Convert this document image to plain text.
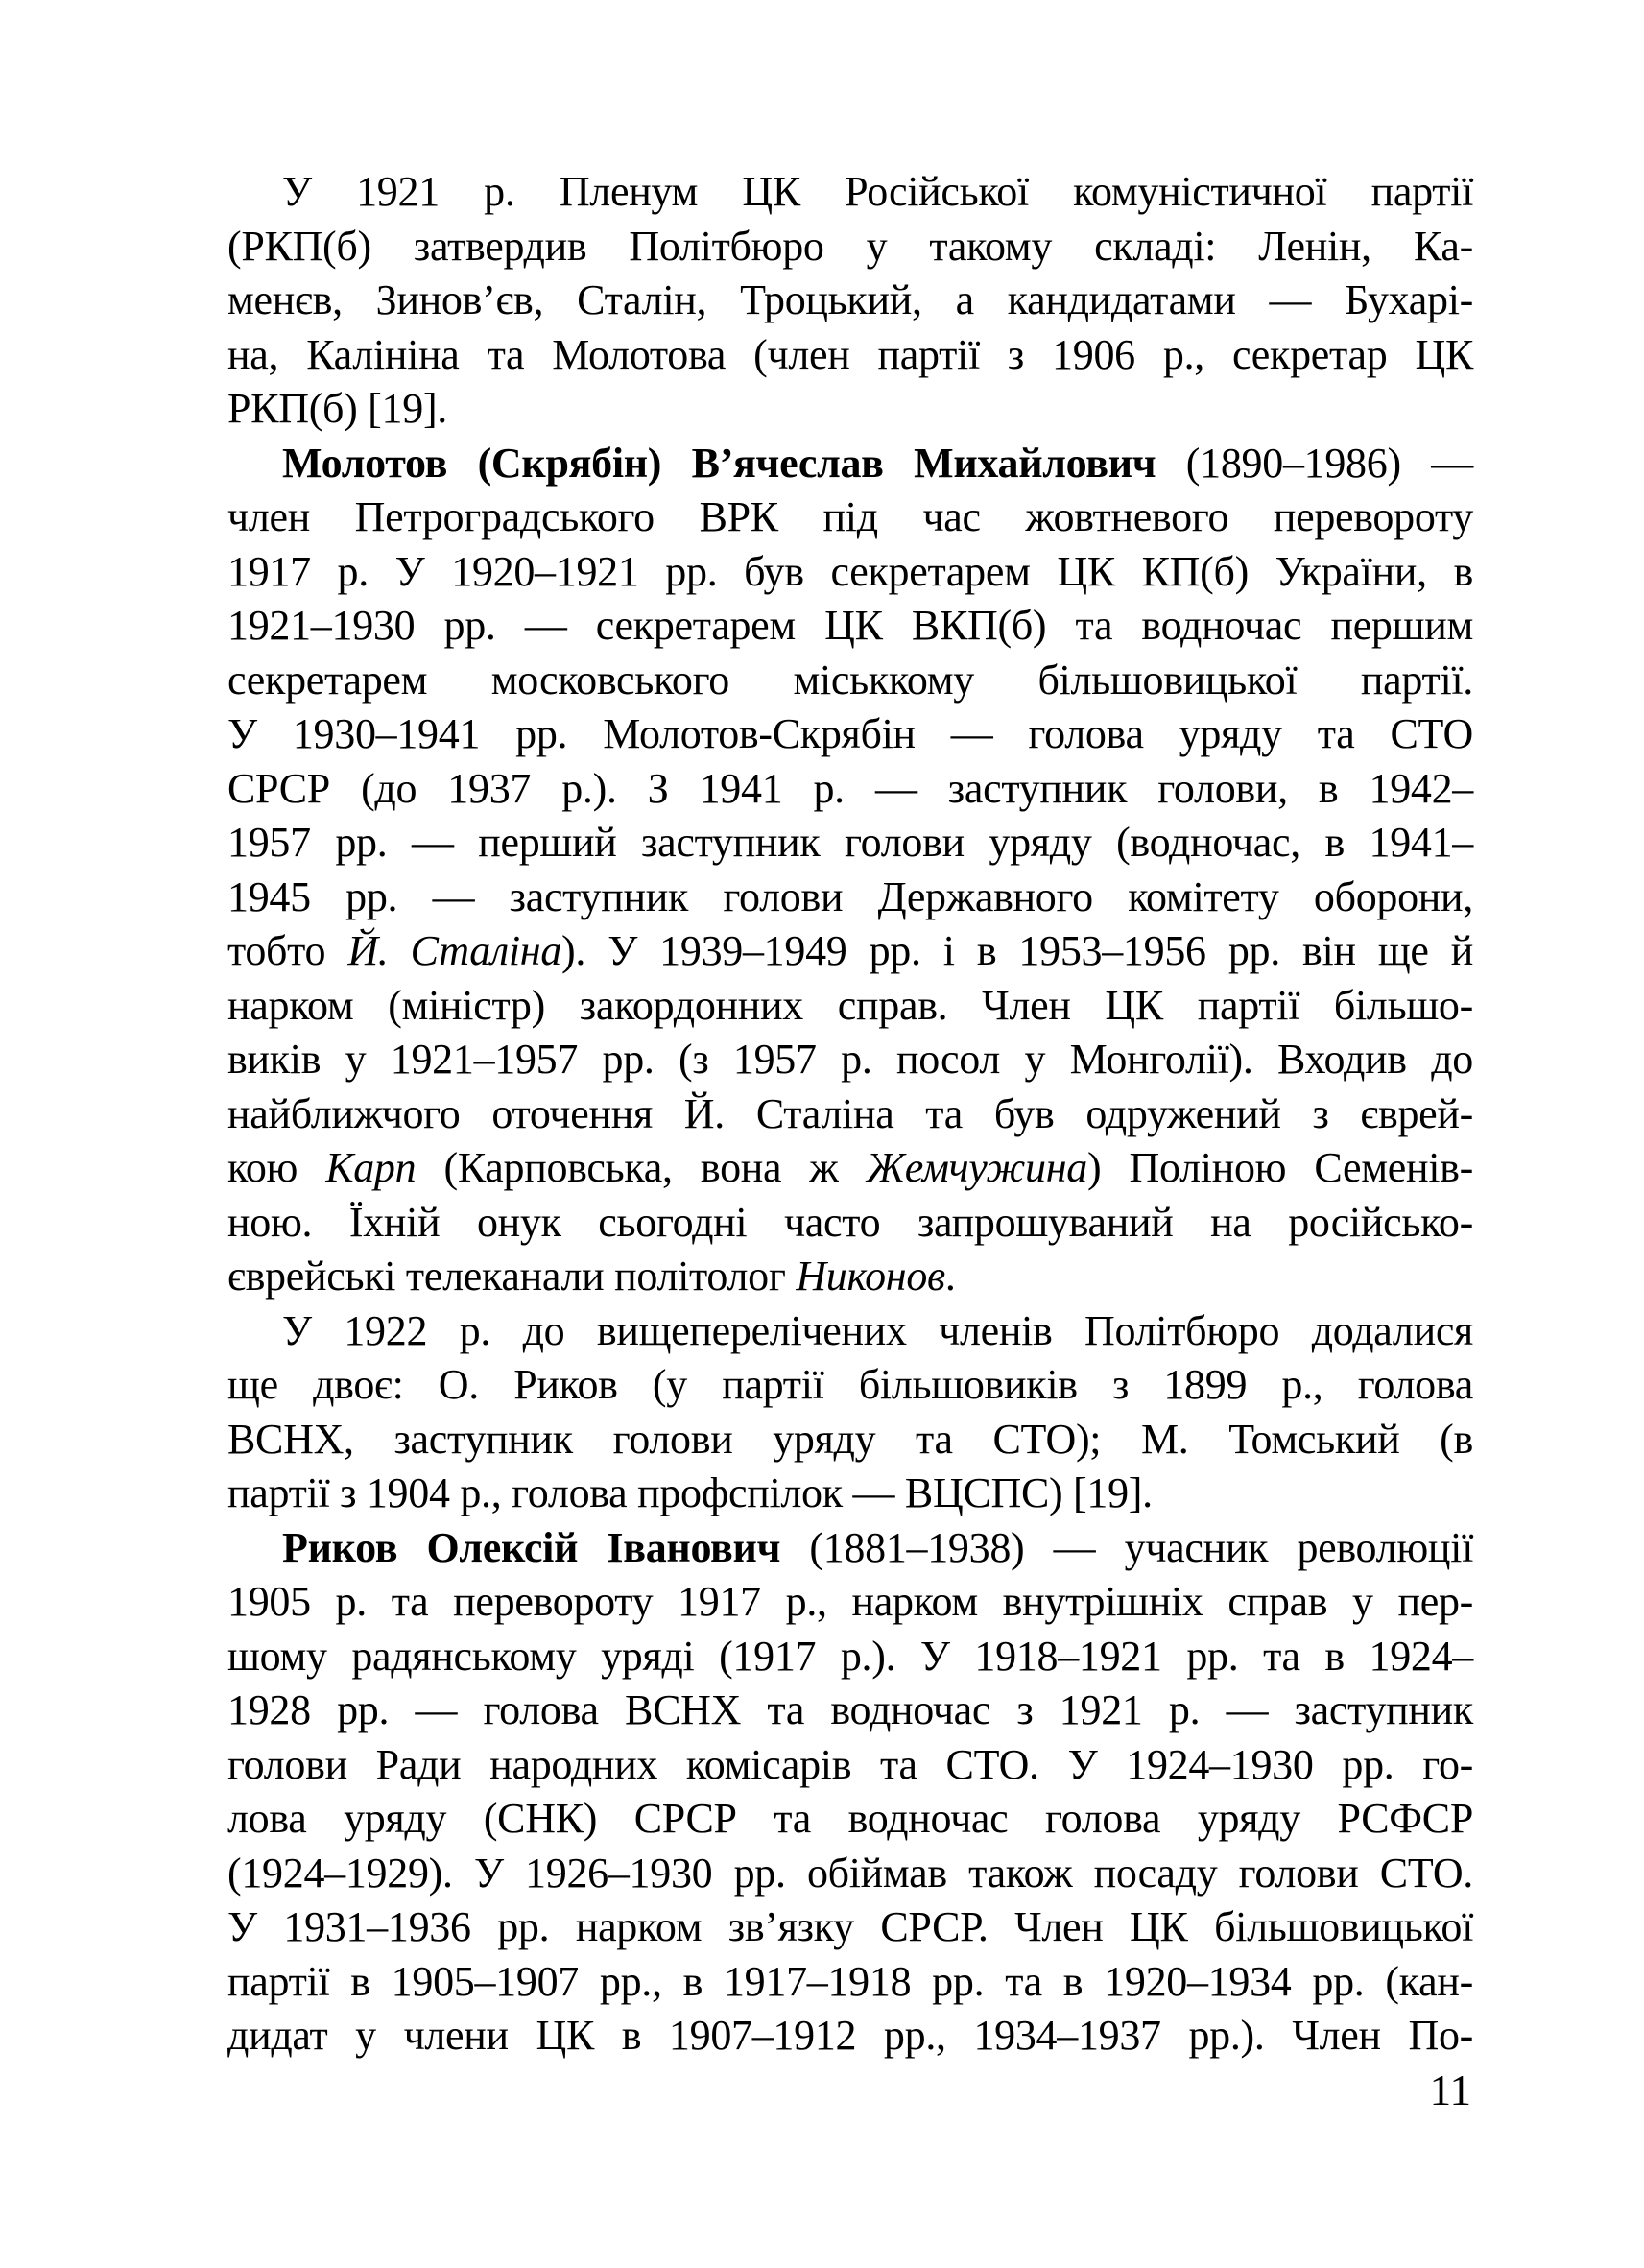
У 1921 р. Пленум ЦК Російської комуністичної партії
(РКП(б) затвердив Політбюро у такому складі: Ленін, Ка-
менєв, Зинов’єв, Сталін, Троцький, а кандидатами — Бухарі-
на, Калініна та Молотова (член партії з 1906 р., секретар ЦК
РКП(б) [19].
Молотов (Скрябін) В’ячеслав Михайлович (1890–1986) —
член Петроградського ВРК під час жовтневого перевороту
1917 р. У 1920–1921 рр. був секретарем ЦК КП(б) України, в
1921–1930 рр. — секретарем ЦК ВКП(б) та водночас першим
секретарем московського міськкому більшовицької партії.
У 1930–1941 рр. Молотов-Скрябін — голова уряду та СТО
СРСР (до 1937 р.). З 1941 р. — заступник голови, в 1942–
1957 рр. — перший заступник голови уряду (водночас, в 1941–
1945 рр. — заступник голови Державного комітету оборони,
тобто Й. Сталіна). У 1939–1949 рр. і в 1953–1956 рр. він ще й
нарком (міністр) закордонних справ. Член ЦК партії більшо-
виків у 1921–1957 рр. (з 1957 р. посол у Монголії). Входив до
найближчого оточення Й. Сталіна та був одружений з єврей-
кою Карп (Карповська, вона ж Жемчужина) Поліною Семенів-
ною. Їхній онук сьогодні часто запрошуваний на російсько-
єврейські телеканали політолог Никонов.
У 1922 р. до вищеперелічених членів Політбюро додалися
ще двоє: О. Риков (у партії більшовиків з 1899 р., голова
ВСНХ, заступник голови уряду та СТО); М. Томський (в
партії з 1904 р., голова профспілок — ВЦСПС) [19].
Риков Олексій Іванович (1881–1938) — учасник революції
1905 р. та перевороту 1917 р., нарком внутрішніх справ у пер-
шому радянському уряді (1917 р.). У 1918–1921 рр. та в 1924–
1928 рр. — голова ВСНХ та водночас з 1921 р. — заступник
голови Ради народних комісарів та СТО. У 1924–1930 рр. го-
лова уряду (СНК) СРСР та водночас голова уряду РСФСР
(1924–1929). У 1926–1930 рр. обіймав також посаду голови СТО.
У 1931–1936 рр. нарком зв’язку СРСР. Член ЦК більшовицької
партії в 1905–1907 рр., в 1917–1918 рр. та в 1920–1934 рр. (кан-
дидат у члени ЦК в 1907–1912 рр., 1934–1937 рр.). Член По-
11
